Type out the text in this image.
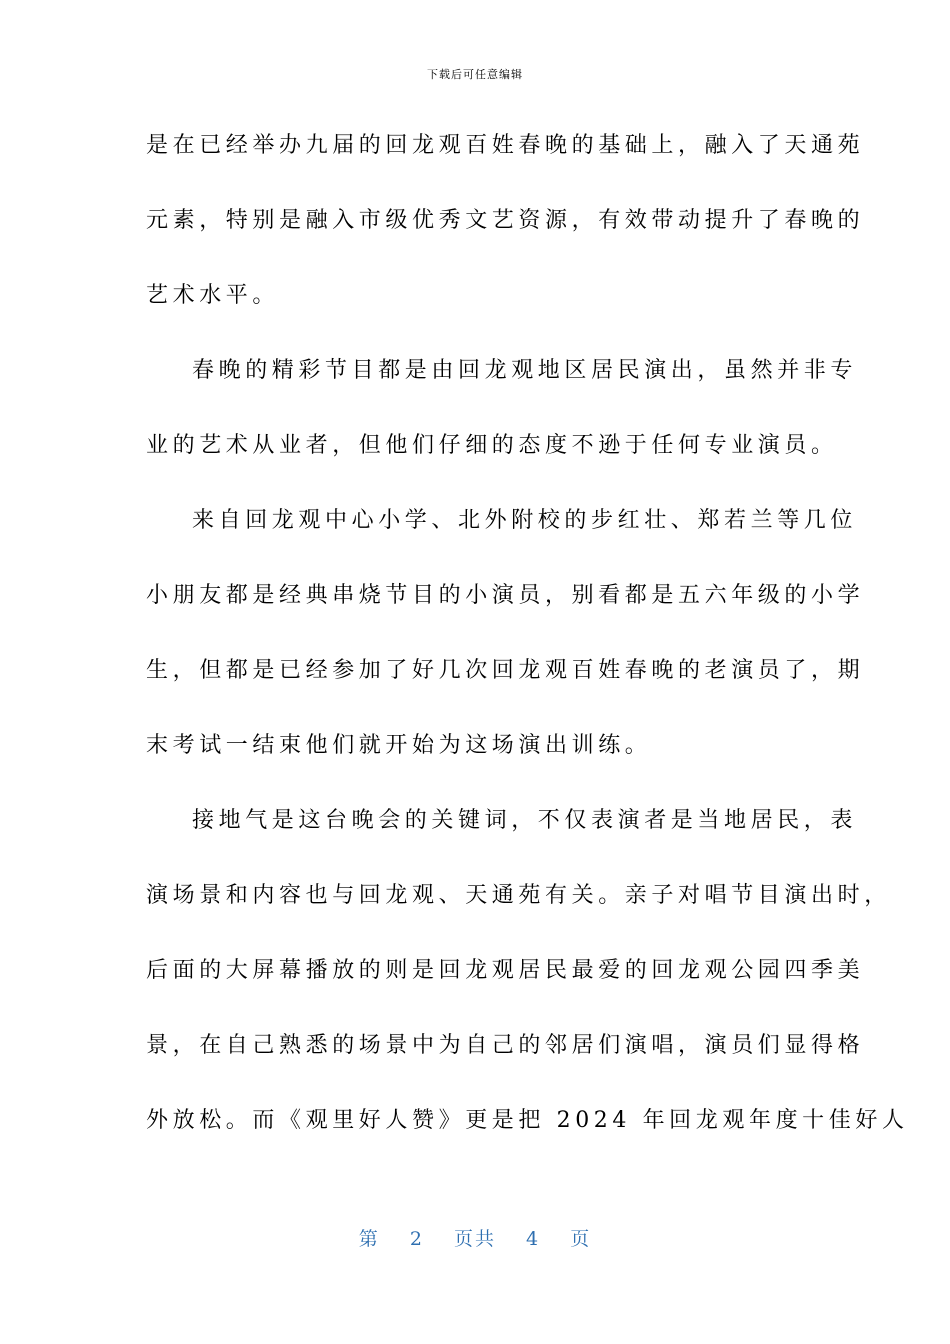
下载后可任意编辑
是在已经举办九届的回龙观百姓春晚的基础上，融入了天通苑
元素，特别是融入市级优秀文艺资源，有效带动提升了春晚的
艺术水平。
春晚的精彩节目都是由回龙观地区居民演出，虽然并非专
业的艺术从业者，但他们仔细的态度不逊于任何专业演员。
来自回龙观中心小学、北外附校的步红壮、郑若兰等几位
小朋友都是经典串烧节目的小演员，别看都是五六年级的小学
生，但都是已经参加了好几次回龙观百姓春晚的老演员了，期
末考试一结束他们就开始为这场演出训练。
接地气是这台晚会的关键词，不仅表演者是当地居民，表
演场景和内容也与回龙观、天通苑有关。亲子对唱节目演出时，
后面的大屏幕播放的则是回龙观居民最爱的回龙观公园四季美
景，在自己熟悉的场景中为自己的邻居们演唱，演员们显得格
外放松。而《观里好人赞》更是把 2024 年回龙观年度十佳好人
第 2 页共 4 页
